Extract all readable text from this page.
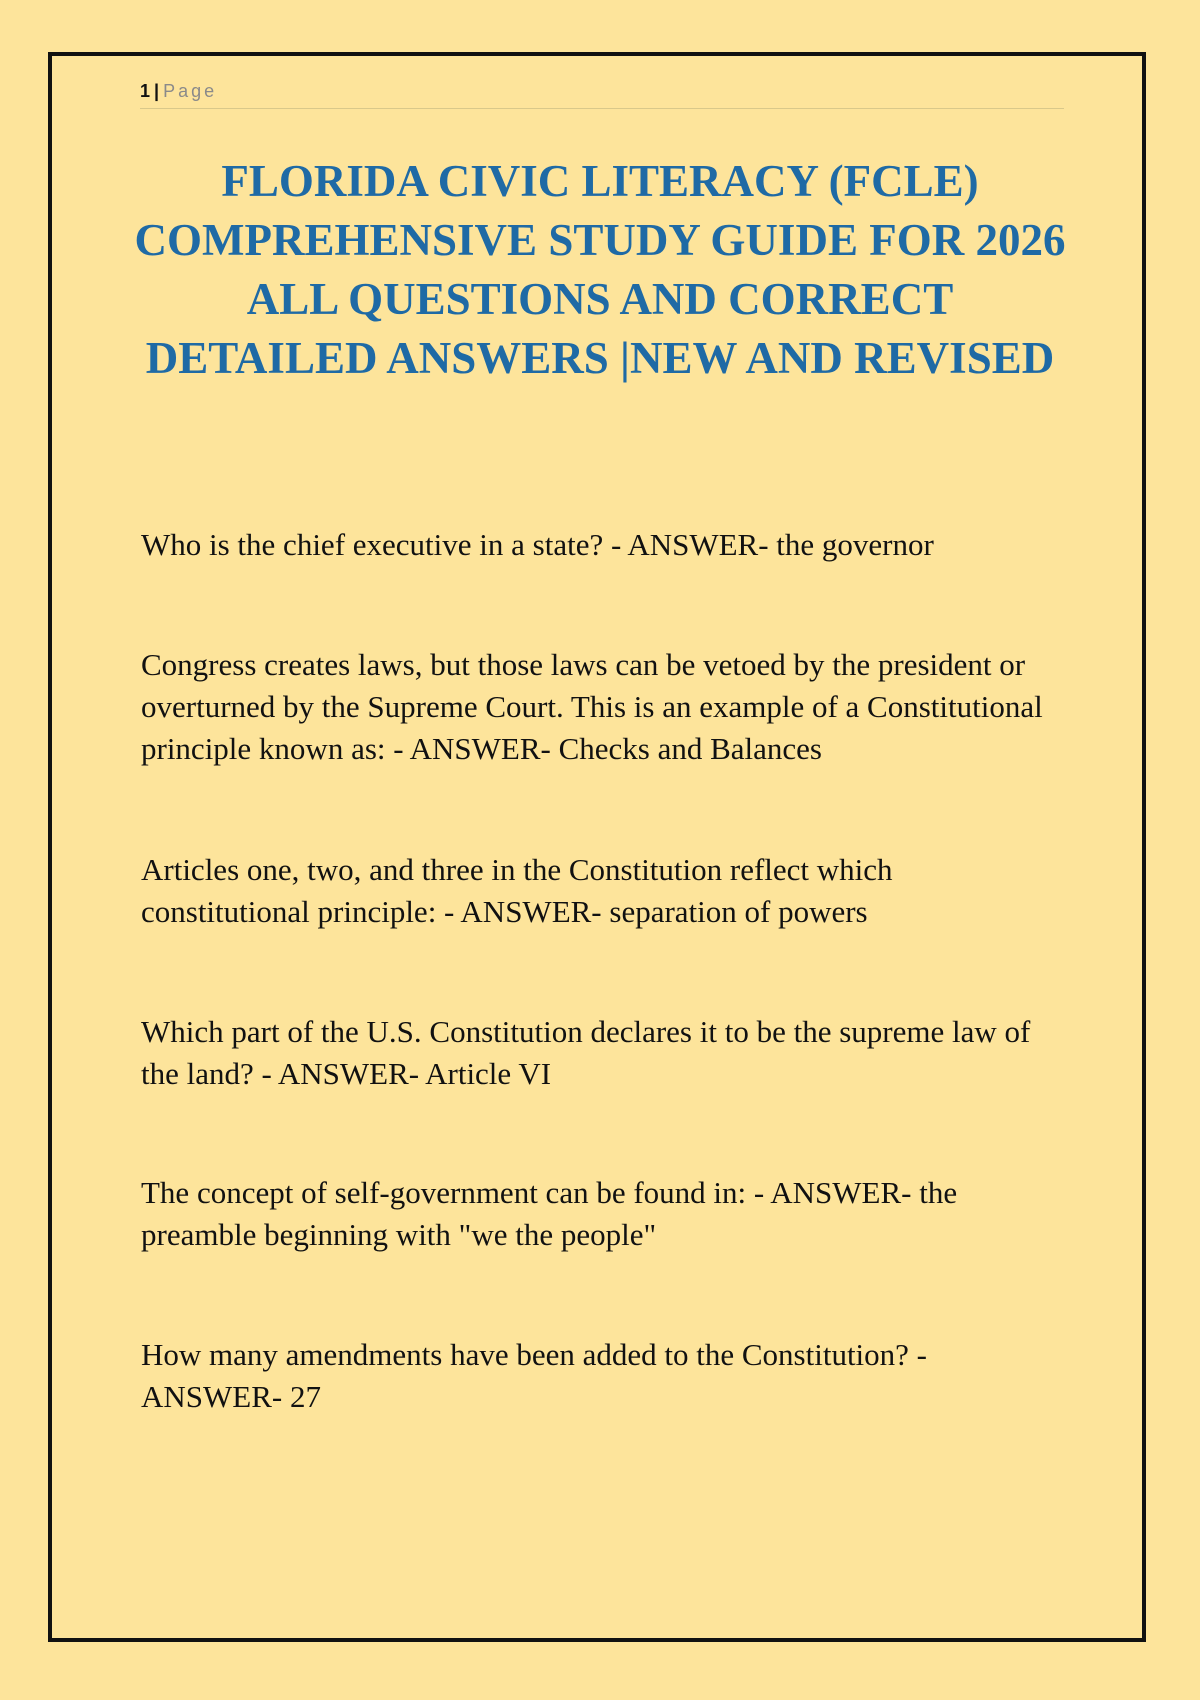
1 | Page
FLORIDA CIVIC LITERACY (FCLE)
COMPREHENSIVE STUDY GUIDE FOR 2026
ALL QUESTIONS AND CORRECT
DETAILED ANSWERS |NEW AND REVISED
Who is the chief executive in a state? - ANSWER- the governor
Congress creates laws, but those laws can be vetoed by the president or
overturned by the Supreme Court. This is an example of a Constitutional
principle known as: - ANSWER- Checks and Balances
Articles one, two, and three in the Constitution reflect which
constitutional principle: - ANSWER- separation of powers
Which part of the U.S. Constitution declares it to be the supreme law of
the land? - ANSWER- Article VI
The concept of self-government can be found in: - ANSWER- the
preamble beginning with "we the people"
How many amendments have been added to the Constitution? -
ANSWER- 27
